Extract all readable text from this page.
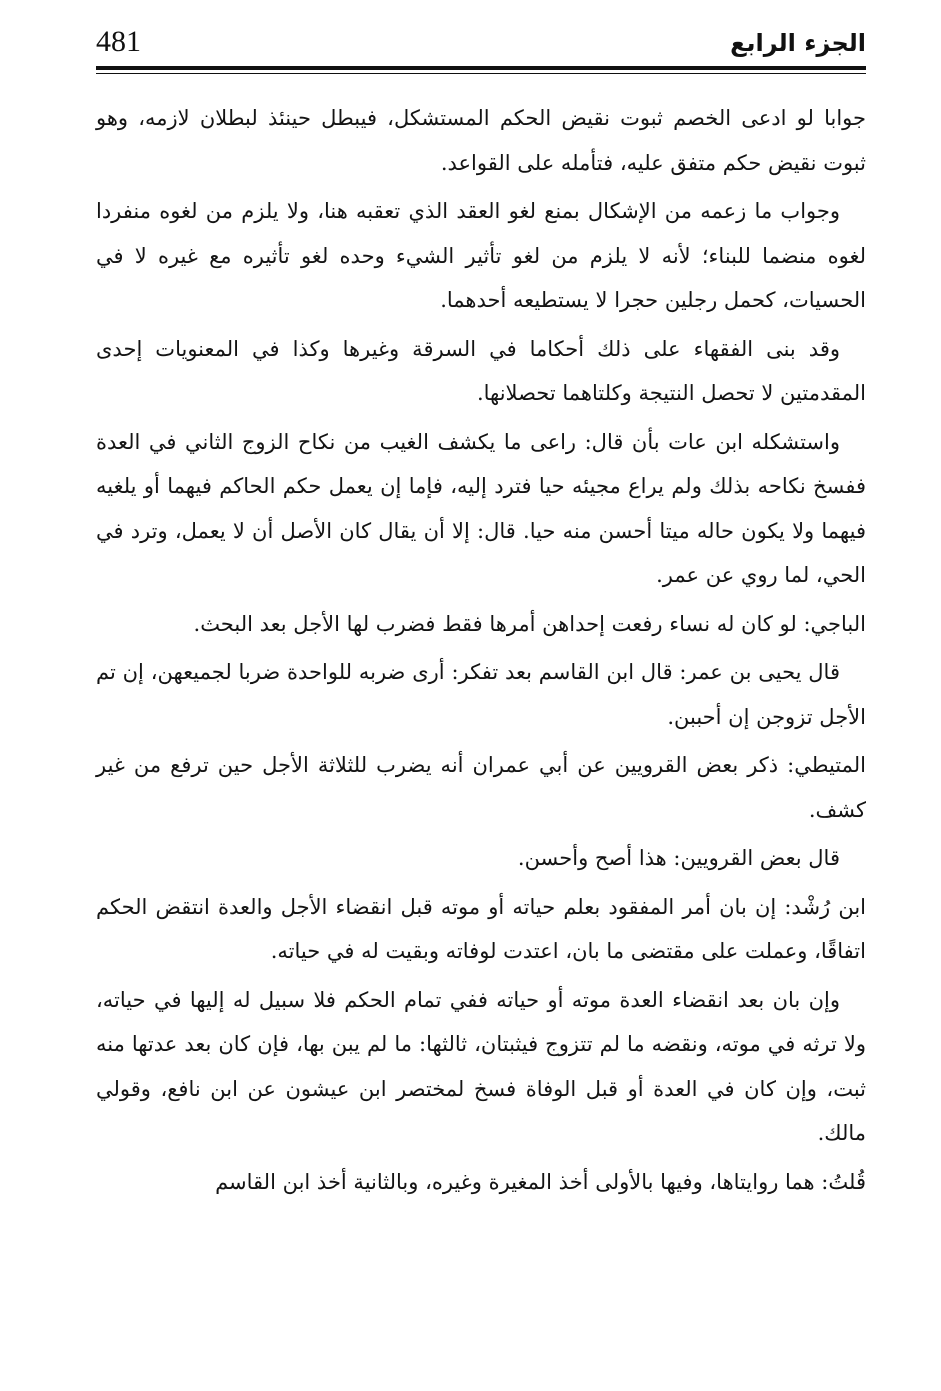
481	الجزء الرابع

جوابا لو ادعى الخصم ثبوت نقيض الحكم المستشكل، فيبطل حينئذ لبطلان لازمه، وهو ثبوت نقيض حكم متفق عليه، فتأمله على القواعد.

وجواب ما زعمه من الإشكال بمنع لغو العقد الذي تعقبه هنا، ولا يلزم من لغوه منفردا لغوه منضما للبناء؛ لأنه لا يلزم من لغو تأثير الشيء وحده لغو تأثيره مع غيره لا في الحسيات، كحمل رجلين حجرا لا يستطيعه أحدهما.

وقد بنى الفقهاء على ذلك أحكاما في السرقة وغيرها وكذا في المعنويات إحدى المقدمتين لا تحصل النتيجة وكلتاهما تحصلانها.

واستشكله ابن عات بأن قال: راعى ما يكشف الغيب من نكاح الزوج الثاني في العدة ففسخ نكاحه بذلك ولم يراع مجيئه حيا فترد إليه، فإما إن يعمل حكم الحاكم فيهما أو يلغيه فيهما ولا يكون حاله ميتا أحسن منه حيا. قال: إلا أن يقال كان الأصل أن لا يعمل، وترد في الحي، لما روي عن عمر.

الباجي: لو كان له نساء رفعت إحداهن أمرها فقط فضرب لها الأجل بعد البحث.

قال يحيى بن عمر: قال ابن القاسم بعد تفكر: أرى ضربه للواحدة ضربا لجميعهن، إن تم الأجل تزوجن إن أحببن.

المتيطي: ذكر بعض القرويين عن أبي عمران أنه يضرب للثلاثة الأجل حين ترفع من غير كشف.

قال بعض القرويين: هذا أصح وأحسن.

ابن رُشْد: إن بان أمر المفقود بعلم حياته أو موته قبل انقضاء الأجل والعدة انتقض الحكم اتفاقًا، وعملت على مقتضى ما بان، اعتدت لوفاته وبقيت له في حياته.

وإن بان بعد انقضاء العدة موته أو حياته ففي تمام الحكم فلا سبيل له إليها في حياته، ولا ترثه في موته، ونقضه ما لم تتزوج فيثبتان، ثالثها: ما لم يبن بها، فإن كان بعد عدتها منه ثبت، وإن كان في العدة أو قبل الوفاة فسخ لمختصر ابن عيشون عن ابن نافع، وقولي مالك.

قُلتُ: هما روايتاها، وفيها بالأولى أخذ المغيرة وغيره، وبالثانية أخذ ابن القاسم
